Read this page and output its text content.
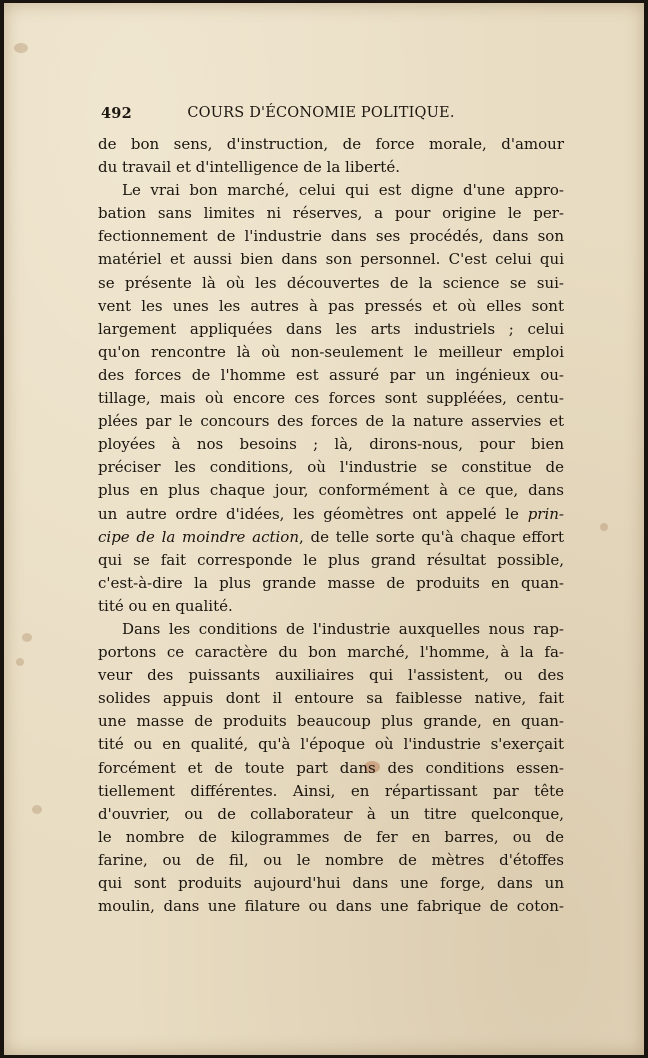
492	COURS D'ÉCONOMIE POLITIQUE.
de bon sens, d'instruction, de force morale, d'amour
du travail et d'intelligence de la liberté.
Le vrai bon marché, celui qui est digne d'une appro-
bation sans limites ni réserves, a pour origine le per-
fectionnement de l'industrie dans ses procédés, dans son
matériel et aussi bien dans son personnel. C'est celui qui
se présente là où les découvertes de la science se sui-
vent les unes les autres à pas pressés et où elles sont
largement appliquées dans les arts industriels ; celui
qu'on rencontre là où non-seulement le meilleur emploi
des forces de l'homme est assuré par un ingénieux ou-
tillage, mais où encore ces forces sont suppléées, centu-
plées par le concours des forces de la nature asservies et
ployées à nos besoins ; là, dirons-nous, pour bien
préciser les conditions, où l'industrie se constitue de
plus en plus chaque jour, conformément à ce que, dans
un autre ordre d'idées, les géomètres ont appelé le prin-
cipe de la moindre action, de telle sorte qu'à chaque effort
qui se fait corresponde le plus grand résultat possible,
c'est-à-dire la plus grande masse de produits en quan-
tité ou en qualité.
Dans les conditions de l'industrie auxquelles nous rap-
portons ce caractère du bon marché, l'homme, à la fa-
veur des puissants auxiliaires qui l'assistent, ou des
solides appuis dont il entoure sa faiblesse native, fait
une masse de produits beaucoup plus grande, en quan-
tité ou en qualité, qu'à l'époque où l'industrie s'exerçait
forcément et de toute part dans des conditions essen-
tiellement différentes. Ainsi, en répartissant par tête
d'ouvrier, ou de collaborateur à un titre quelconque,
le nombre de kilogrammes de fer en barres, ou de
farine, ou de fil, ou le nombre de mètres d'étoffes
qui sont produits aujourd'hui dans une forge, dans un
moulin, dans une filature ou dans une fabrique de coton-
